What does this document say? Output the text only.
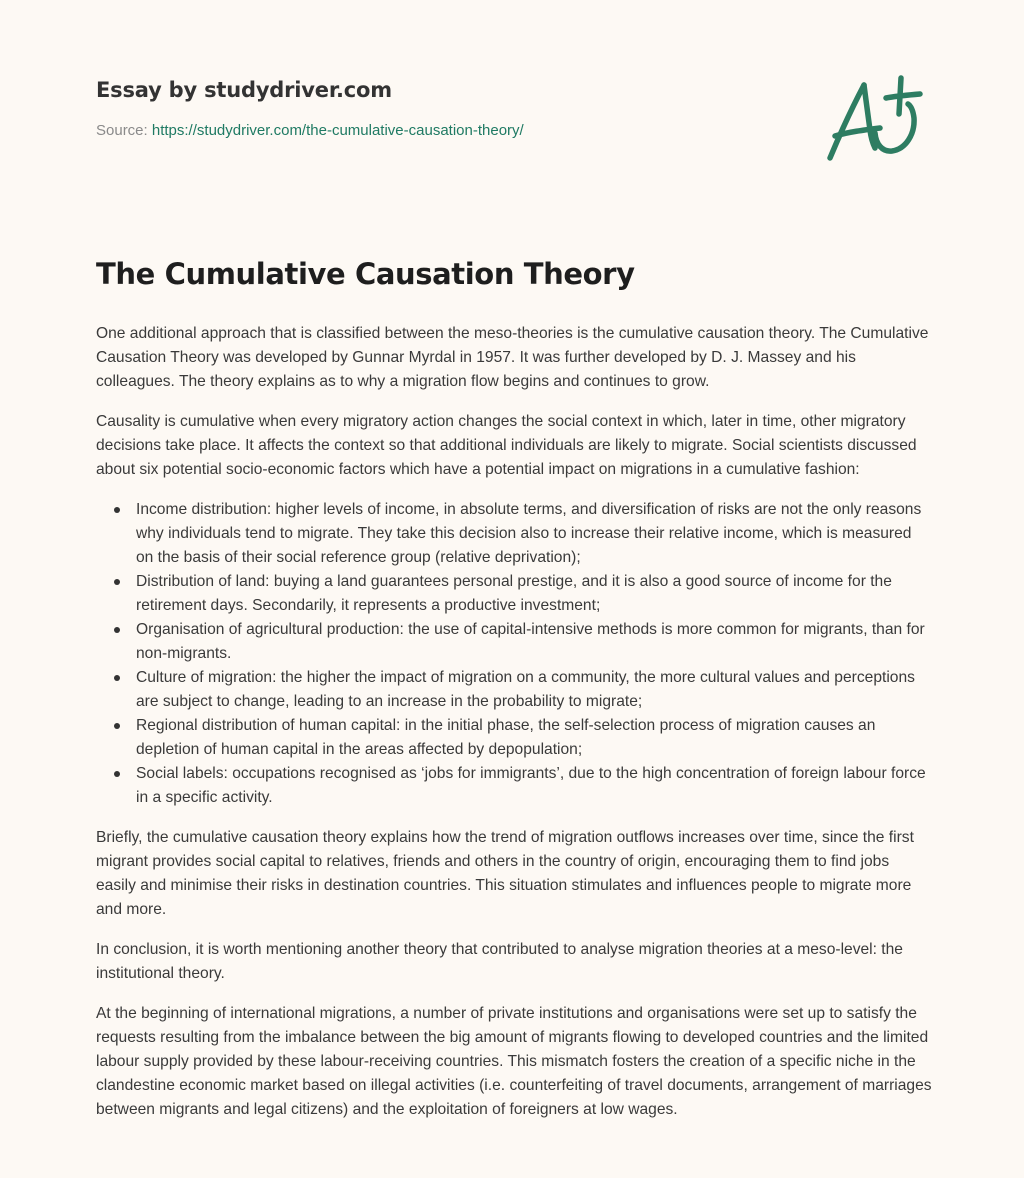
Essay by studydriver.com
Source: https://studydriver.com/the-cumulative-causation-theory/
The Cumulative Causation Theory

One additional approach that is classified between the meso-theories is the cumulative causation theory. The Cumulative Causation Theory was developed by Gunnar Myrdal in 1957. It was further developed by D. J. Massey and his colleagues. The theory explains as to why a migration flow begins and continues to grow.

Causality is cumulative when every migratory action changes the social context in which, later in time, other migratory decisions take place. It affects the context so that additional individuals are likely to migrate. Social scientists discussed about six potential socio-economic factors which have a potential impact on migrations in a cumulative fashion:

Income distribution: higher levels of income, in absolute terms, and diversification of risks are not the only reasons why individuals tend to migrate. They take this decision also to increase their relative income, which is measured on the basis of their social reference group (relative deprivation);
Distribution of land: buying a land guarantees personal prestige, and it is also a good source of income for the retirement days. Secondarily, it represents a productive investment;
Organisation of agricultural production: the use of capital-intensive methods is more common for migrants, than for non-migrants.
Culture of migration: the higher the impact of migration on a community, the more cultural values and perceptions are subject to change, leading to an increase in the probability to migrate;
Regional distribution of human capital: in the initial phase, the self-selection process of migration causes an depletion of human capital in the areas affected by depopulation;
Social labels: occupations recognised as ‘jobs for immigrants’, due to the high concentration of foreign labour force in a specific activity.

Briefly, the cumulative causation theory explains how the trend of migration outflows increases over time, since the first migrant provides social capital to relatives, friends and others in the country of origin, encouraging them to find jobs easily and minimise their risks in destination countries. This situation stimulates and influences people to migrate more and more.

In conclusion, it is worth mentioning another theory that contributed to analyse migration theories at a meso-level: the institutional theory.

At the beginning of international migrations, a number of private institutions and organisations were set up to satisfy the requests resulting from the imbalance between the big amount of migrants flowing to developed countries and the limited labour supply provided by these labour-receiving countries. This mismatch fosters the creation of a specific niche in the clandestine economic market based on illegal activities (i.e. counterfeiting of travel documents, arrangement of marriages between migrants and legal citizens) and the exploitation of foreigners at low wages.
